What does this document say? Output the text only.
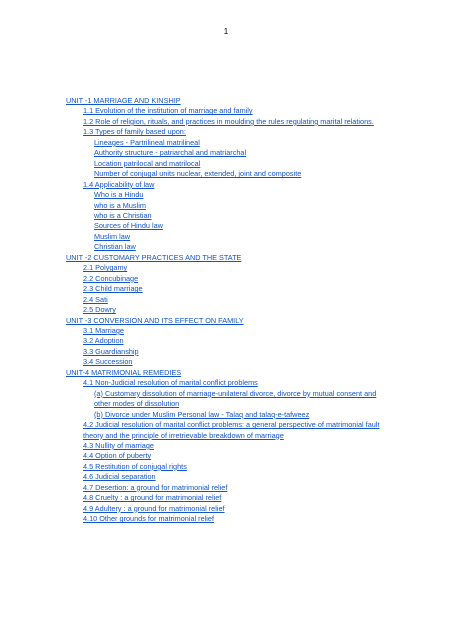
1
UNIT -1 MARRIAGE AND KINSHIP
1.1 Evolution of the institution of marriage and family
1.2 Role of religion, rituals, and practices in moulding the rules regulating marital relations.
1.3 Types of family based upon:
Lineages - Partrilineal matrilineal
Authority structure - patriarchal and matriarchal
Location patrilocal and matrilocal
Number of conjugal units nuclear, extended, joint and composite
1.4 Applicability of law
Who is a Hindu
who is a Muslim
who is a Christian
Sources of Hindu law
Muslim law
Christian law
UNIT -2 CUSTOMARY PRACTICES AND THE STATE
2.1 Polygamy
2.2 Concubinage
2.3 Child marriage
2.4 Sati
2.5 Dowry
UNIT -3 CONVERSION AND ITS EFFECT ON FAMILY
3.1 Marriage
3.2 Adoption
3.3 Guardianship
3.4 Succession
UNIT-4 MATRIMONIAL REMEDIES
4.1 Non-Judicial resolution of marital conflict problems
(a) Customary dissolution of marriage-unilateral divorce, divorce by mutual consent and other modes of dissolution
(b) Divorce under Muslim Personal law - Talaq and talaq-e-tafweez
4.2 Judicial resolution of marital conflict problems: a general perspective of matrimonial fault theory and the principle of irretrievable breakdown of marriage
4.3 Nullity of marriage
4.4 Option of puberty
4.5 Restitution of conjugal rights
4.6 Judicial separation
4.7 Desertion: a ground for matrimonial relief
4.8 Cruelty : a ground for matrimonial relief
4.9 Adultery : a ground for matrimonial relief
4.10 Other grounds for matrimonial relief
